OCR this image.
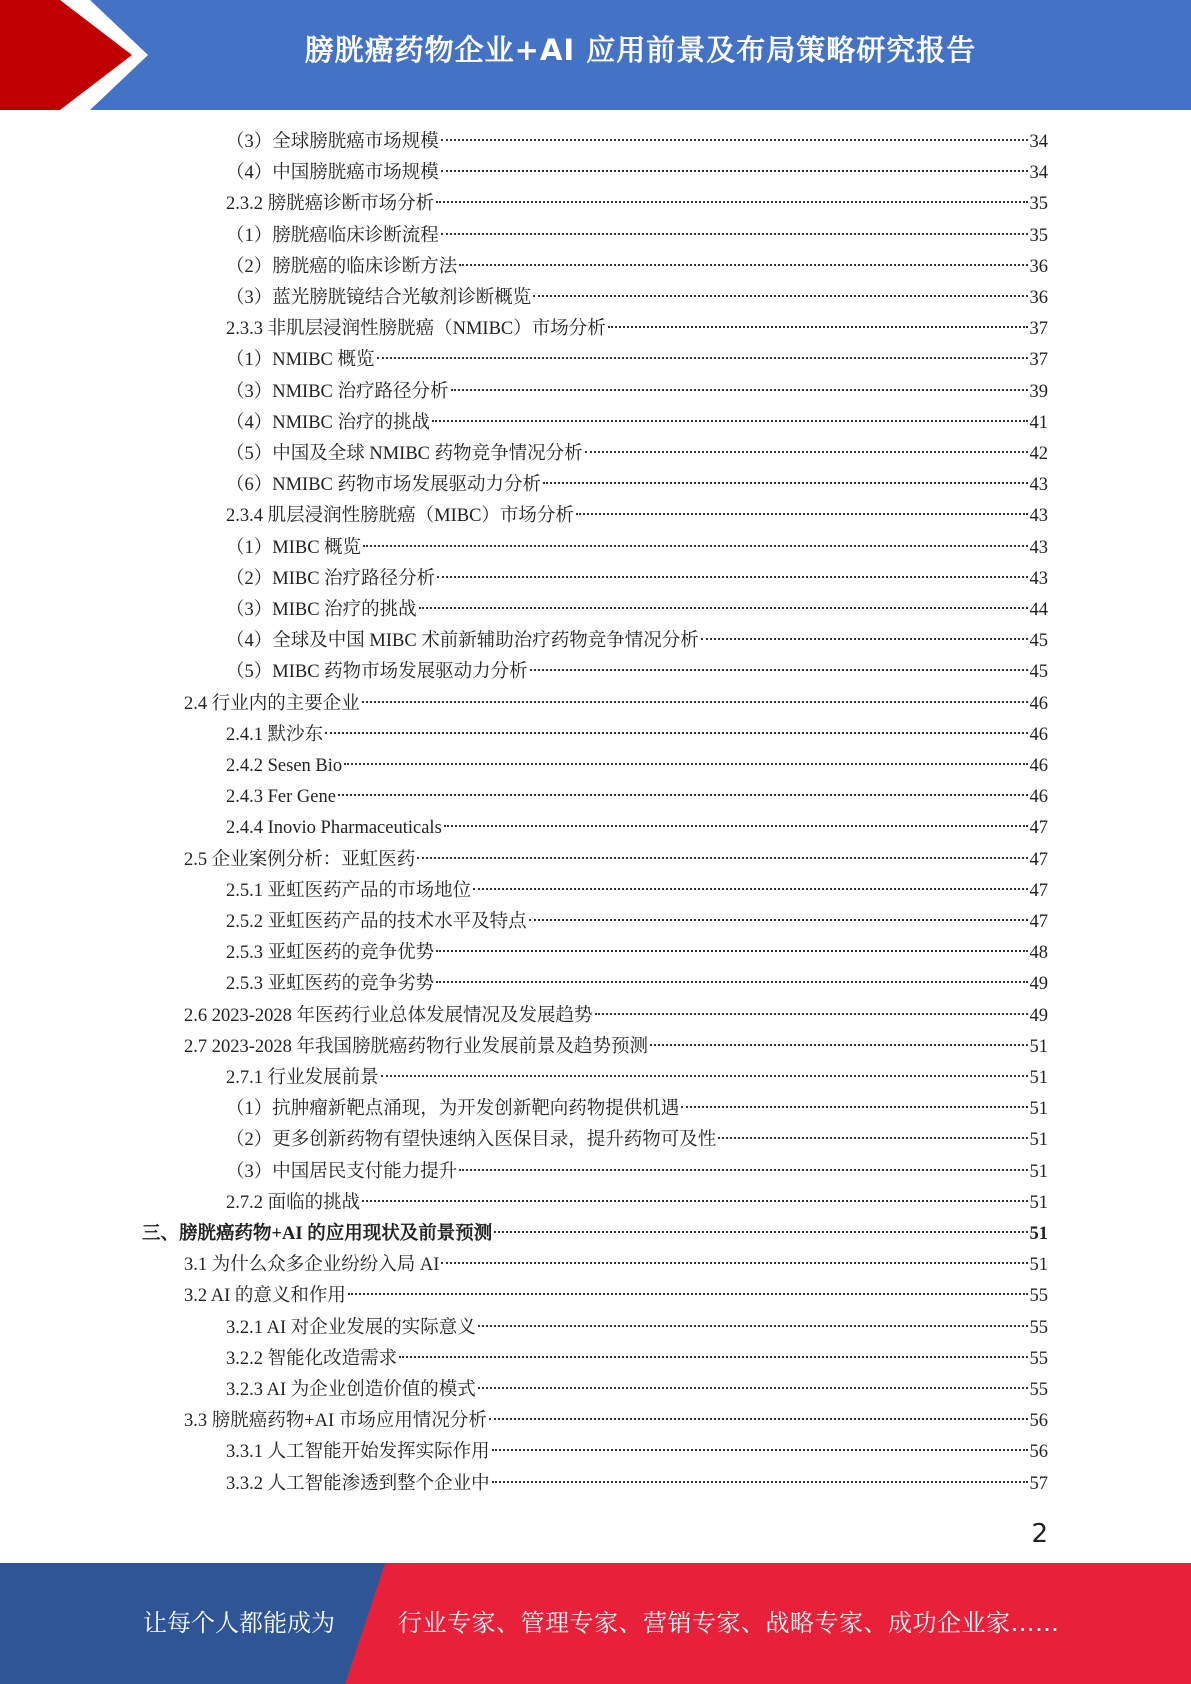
膀胱癌药物企业+AI 应用前景及布局策略研究报告
（3）全球膀胱癌市场规模	34
（4）中国膀胱癌市场规模	34
2.3.2 膀胱癌诊断市场分析	35
（1）膀胱癌临床诊断流程	35
（2）膀胱癌的临床诊断方法	36
（3）蓝光膀胱镜结合光敏剂诊断概览	36
2.3.3 非肌层浸润性膀胱癌（NMIBC）市场分析	37
（1）NMIBC 概览	37
（3）NMIBC 治疗路径分析	39
（4）NMIBC 治疗的挑战	41
（5）中国及全球 NMIBC 药物竞争情况分析	42
（6）NMIBC 药物市场发展驱动力分析	43
2.3.4 肌层浸润性膀胱癌（MIBC）市场分析	43
（1）MIBC 概览	43
（2）MIBC 治疗路径分析	43
（3）MIBC 治疗的挑战	44
（4）全球及中国 MIBC 术前新辅助治疗药物竞争情况分析	45
（5）MIBC 药物市场发展驱动力分析	45
2.4 行业内的主要企业	46
2.4.1 默沙东	46
2.4.2 Sesen Bio	46
2.4.3 Fer Gene	46
2.4.4 Inovio Pharmaceuticals	47
2.5 企业案例分析：亚虹医药	47
2.5.1 亚虹医药产品的市场地位	47
2.5.2 亚虹医药产品的技术水平及特点	47
2.5.3 亚虹医药的竞争优势	48
2.5.3 亚虹医药的竞争劣势	49
2.6 2023-2028 年医药行业总体发展情况及发展趋势	49
2.7 2023-2028 年我国膀胱癌药物行业发展前景及趋势预测	51
2.7.1 行业发展前景	51
（1）抗肿瘤新靶点涌现，为开发创新靶向药物提供机遇	51
（2）更多创新药物有望快速纳入医保目录，提升药物可及性	51
（3）中国居民支付能力提升	51
2.7.2 面临的挑战	51
三、膀胱癌药物+AI 的应用现状及前景预测	51
3.1 为什么众多企业纷纷入局 AI	51
3.2 AI 的意义和作用	55
3.2.1 AI 对企业发展的实际意义	55
3.2.2 智能化改造需求	55
3.2.3 AI 为企业创造价值的模式	55
3.3 膀胱癌药物+AI 市场应用情况分析	56
3.3.1 人工智能开始发挥实际作用	56
3.3.2 人工智能渗透到整个企业中	57
2
让每个人都能成为	行业专家、管理专家、营销专家、战略专家、成功企业家……
